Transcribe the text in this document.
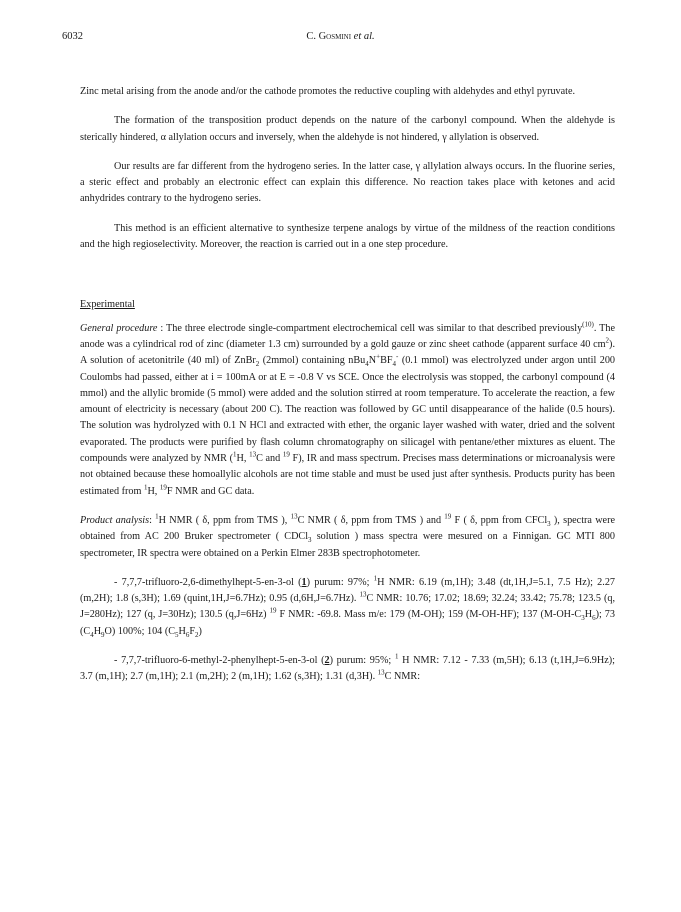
6032	C. Gosmini et al.

Zinc metal arising from the anode and/or the cathode promotes the reductive coupling with aldehydes and ethyl pyruvate.

The formation of the transposition product depends on the nature of the carbonyl compound. When the aldehyde is sterically hindered, α allylation occurs and inversely, when the aldehyde is not hindered, γ allylation is observed.

Our results are far different from the hydrogeno series. In the latter case, γ allylation always occurs. In the fluorine series, a steric effect and probably an electronic effect can explain this difference. No reaction takes place with ketones and acid anhydrides contrary to the hydrogeno series.

This method is an efficient alternative to synthesize terpene analogs by virtue of the mildness of the reaction conditions and the high regioselectivity. Moreover, the reaction is carried out in a one step procedure.

Experimental

General procedure : The three electrode single-compartment electrochemical cell was similar to that described previously$^{(10)}$. The anode was a cylindrical rod of zinc (diameter 1.3 cm) surrounded by a gold gauze or zinc sheet cathode (apparent surface 40 $cm^2$). A solution of acetonitrile (40 ml) of ZnBr$_2$ (2mmol) containing $nBu_4N^+BF_4^-$ (0.1 mmol) was electrolyzed under argon until 200 Coulombs had passed, either at i = 100mA or at E = -0.8 V vs SCE. Once the electrolysis was stopped, the carbonyl compound (4 mmol) and the allylic bromide (5 mmol) were added and the solution stirred at room temperature. To accelerate the reaction, a few amount of electricity is necessary (about 200 C). The reaction was followed by GC until disappearance of the halide (0.5 hours). The solution was hydrolyzed with 0.1 N HCl and extracted with ether, the organic layer washed with water, dried and the solvent evaporated. The products were purified by flash column chromatography on silicagel with pentane/ether mixtures as eluent. The compounds were analyzed by NMR ($^1$H, $^{13}$C and $^{19}$ F), IR and mass spectrum. Precises mass determinations or microanalysis were not obtained because these homoallylic alcohols are not time stable and must be used just after synthesis. Products purity has been estimated from $^1$H, $^{19}$F NMR and GC data.

Product analysis: $^1$H NMR ( δ, ppm from TMS ), $^{13}$C NMR ( δ, ppm from TMS ) and $^{19}$ F ( δ, ppm from CFCl$_3$ ), spectra were obtained from AC 200 Bruker spectrometer ( CDCl$_3$ solution ) mass spectra were mesured on a Finnigan. GC MTI 800 spectrometer, IR spectra were obtained on a Perkin Elmer 283B spectrophotometer.

- 7,7,7-trifluoro-2,6-dimethylhept-5-en-3-ol (1) purum: 97%; $^1$H NMR: 6.19 (m,1H); 3.48 (dt,1H,J=5.1, 7.5 Hz); 2.27 (m,2H); 1.8 (s,3H); 1.69 (quint,1H,J=6.7Hz); 0.95 (d,6H,J=6.7Hz). $^{13}$C NMR: 10.76; 17.02; 18.69; 32.24; 33.42; 75.78; 123.5 (q, J=280Hz); 127 (q, J=30Hz); 130.5 (q,J=6Hz) $^{19}$ F NMR: -69.8. Mass m/e: 179 (M-OH); 159 (M-OH-HF); 137 $(M-OH-C_3H_6)$; 73 $(C_4H_9O)$ 100%; 104 $(C_5H_6F_2)$

- 7,7,7-trifluoro-6-methyl-2-phenylhept-5-en-3-ol (2) purum: 95%; $^1$ H NMR: 7.12 - 7.33 (m,5H); 6.13 (t,1H,J=6.9Hz); 3.7 (m,1H); 2.7 (m,1H); 2.1 (m,2H); 2 (m,1H); 1.62 (s,3H); 1.31 (d,3H). $^{13}$C NMR:
